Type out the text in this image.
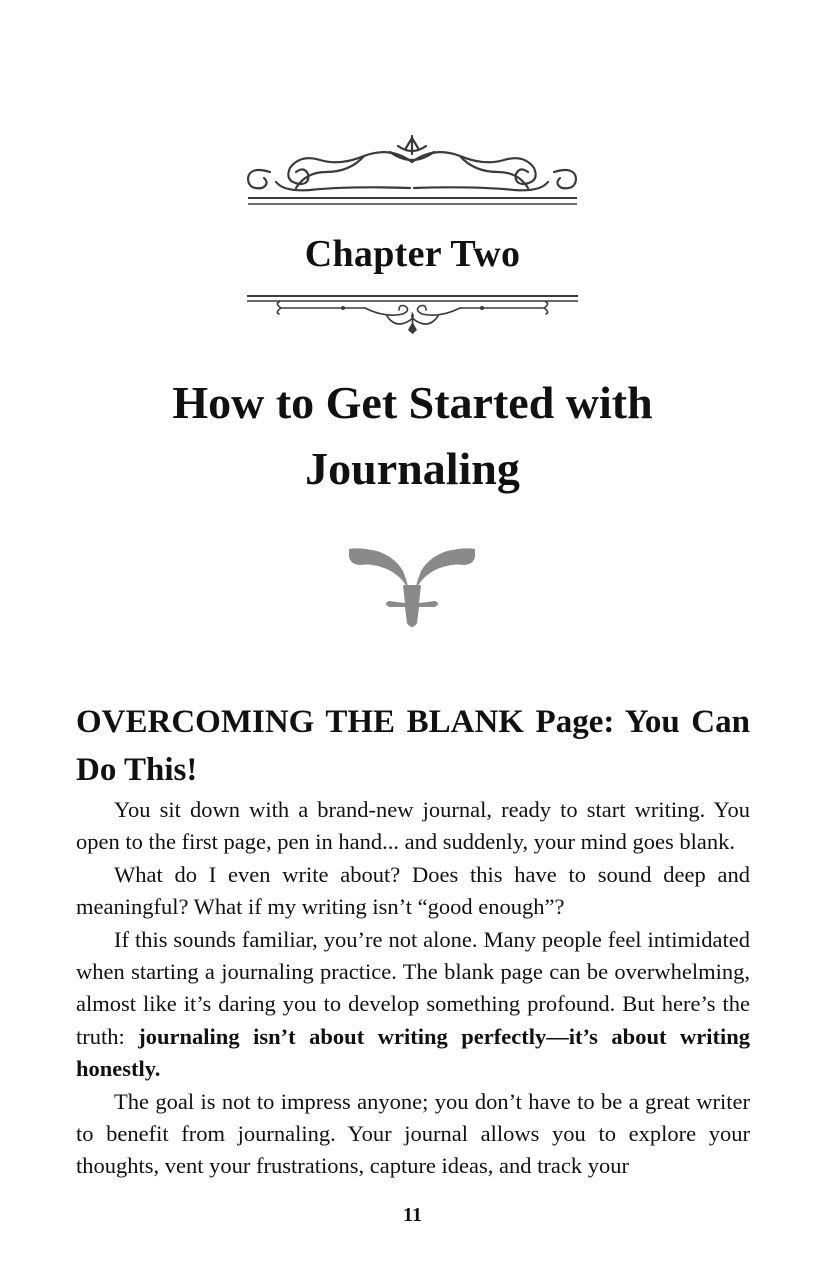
Chapter Two
How to Get Started with
Journaling
OVERCOMING THE BLANK Page: You Can Do This!

You sit down with a brand-new journal, ready to start writing. You open to the first page, pen in hand... and suddenly, your mind goes blank.

What do I even write about? Does this have to sound deep and meaningful? What if my writing isn’t “good enough”?

If this sounds familiar, you’re not alone. Many people feel intimidated when starting a journaling practice. The blank page can be overwhelming, almost like it’s daring you to develop something profound. But here’s the truth: journaling isn’t about writing perfectly—it’s about writing honestly.

The goal is not to impress anyone; you don’t have to be a great writer to benefit from journaling. Your journal allows you to explore your thoughts, vent your frustrations, capture ideas, and track your

11
